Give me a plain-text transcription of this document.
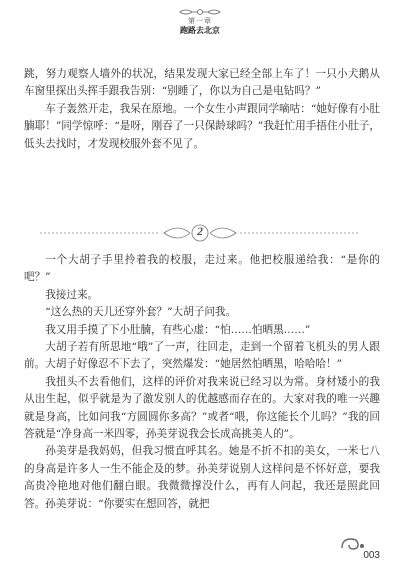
第一章
跑路去北京

跳，努力观察人墙外的状况，结果发现大家已经全部上车了！一只小犬鹅从车窗里探出头挥手跟我告别：“别睡了，你以为自己是电钻吗？”

车子轰然开走，我呆在原地。一个女生小声跟同学嘀咕：“她好像有小肚腩耶！”同学惊呼：“是呀，刚吞了一只保龄球吗？”我赶忙用手捂住小肚子，低头去找时，才发现校服外套不见了。

2

一个大胡子手里拎着我的校服，走过来。他把校服递给我：“是你的吧？”

我接过来。

“这么热的天儿还穿外套？”大胡子问我。

我又用手摸了下小肚腩，有些心虚：“怕……怕晒黑……”

大胡子若有所思地“哦”了一声，往回走，走到一个留着飞机头的男人跟前。大胡子好像忍不下去了，突然爆发：“她居然怕晒黑，哈哈哈！”

我扭头不去看他们，这样的评价对我来说已经习以为常。身材矮小的我从出生起，似乎就是为了激发别人的优越感而存在的。大家对我的唯一兴趣就是身高，比如问我“方圆圆你多高？”或者“喂，你这能长个儿吗？”我的回答就是“净身高一米四零，孙美芽说我会长成高挑美人的”。

孙美芽是我妈妈，但我习惯直呼其名。她是不折不扣的美女，一米七八的身高是许多人一生不能企及的梦。孙美芽说别人这样问是不怀好意，要我高贵冷艳地对他们翻白眼。我微微撑没什么，再有人问起，我还是照此回答。孙美芽说：“你要实在想回答，就把

003
